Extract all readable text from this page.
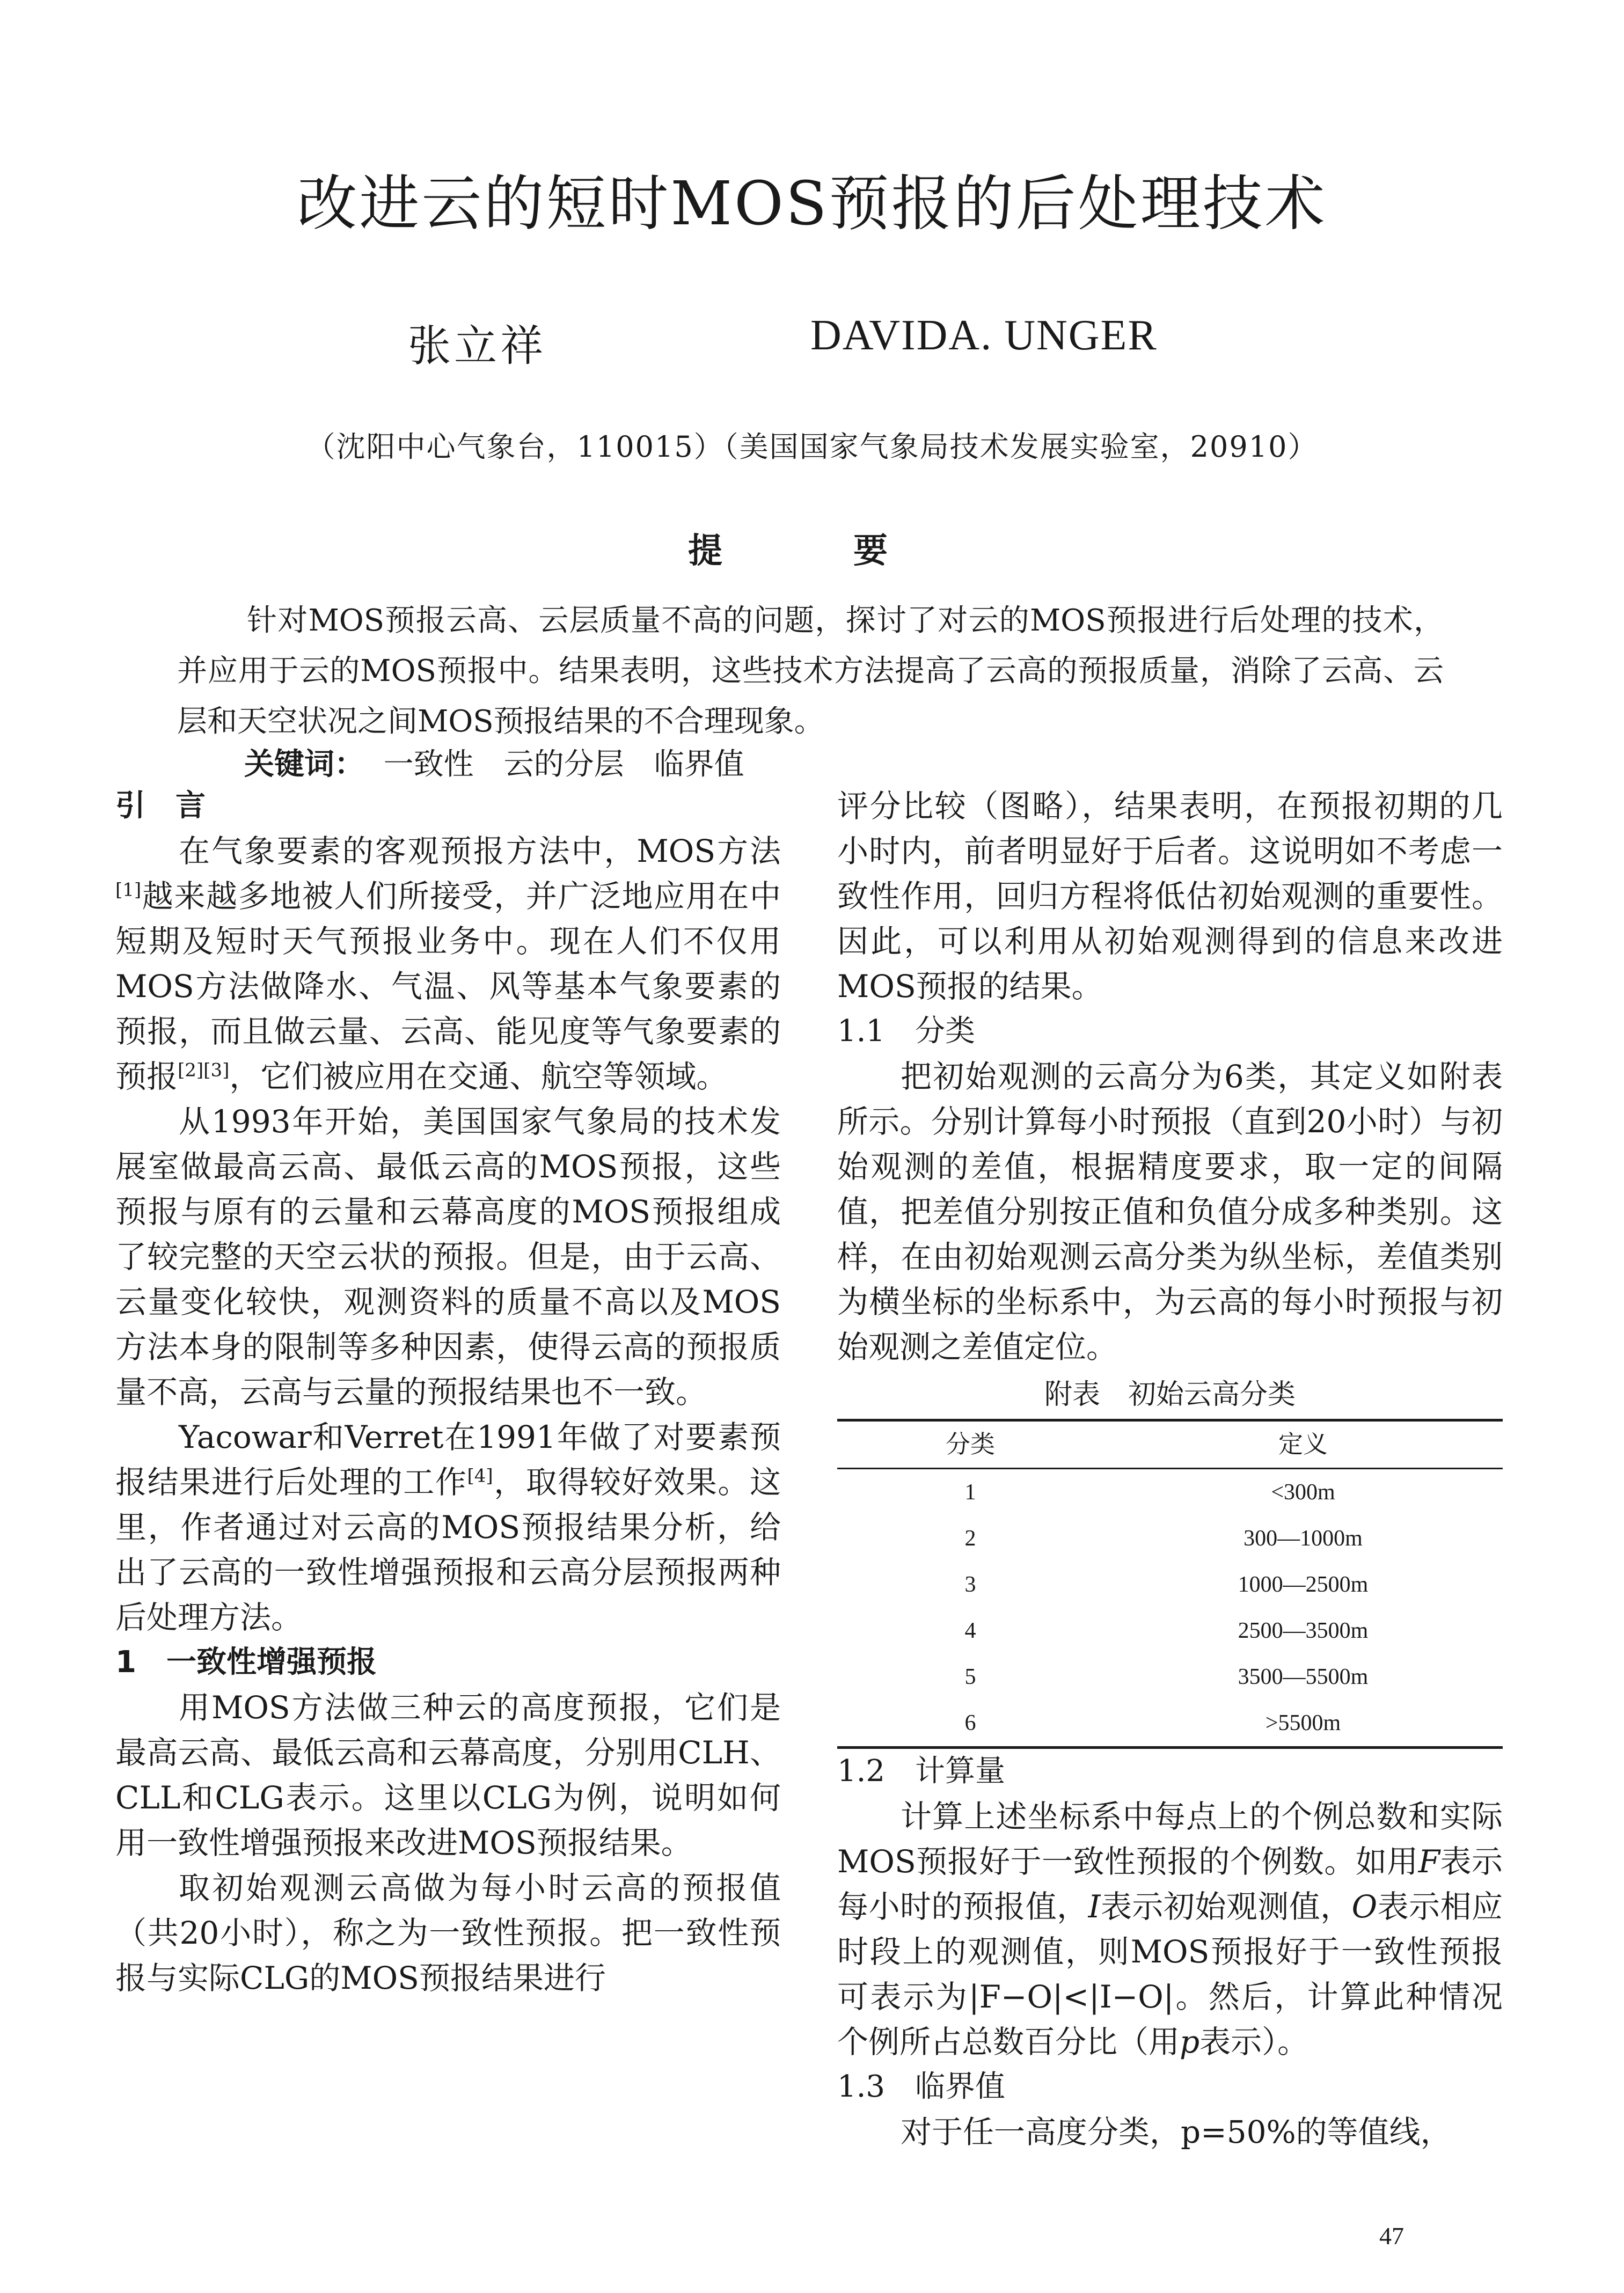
改进云的短时MOS预报的后处理技术
张立祥	DAVIDA. UNGER
（沈阳中心气象台，110015）（美国国家气象局技术发展实验室，20910）
提　要

针对MOS预报云高、云层质量不高的问题，探讨了对云的MOS预报进行后处理的技术，并应用于云的MOS预报中。结果表明，这些技术方法提高了云高的预报质量，消除了云高、云层和天空状况之间MOS预报结果的不合理现象。

关键词： 一致性　云的分层　临界值

引　言

在气象要素的客观预报方法中，MOS方法[1]越来越多地被人们所接受，并广泛地应用在中短期及短时天气预报业务中。现在人们不仅用MOS方法做降水、气温、风等基本气象要素的预报，而且做云量、云高、能见度等气象要素的预报[2][3]，它们被应用在交通、航空等领域。

从1993年开始，美国国家气象局的技术发展室做最高云高、最低云高的MOS预报，这些预报与原有的云量和云幕高度的MOS预报组成了较完整的天空云状的预报。但是，由于云高、云量变化较快，观测资料的质量不高以及MOS方法本身的限制等多种因素，使得云高的预报质量不高，云高与云量的预报结果也不一致。

Yacowar和Verret在1991年做了对要素预报结果进行后处理的工作[4]，取得较好效果。这里，作者通过对云高的MOS预报结果分析，给出了云高的一致性增强预报和云高分层预报两种后处理方法。

1　一致性增强预报

用MOS方法做三种云的高度预报，它们是最高云高、最低云高和云幕高度，分别用CLH、CLL和CLG表示。这里以CLG为例，说明如何用一致性增强预报来改进MOS预报结果。

取初始观测云高做为每小时云高的预报值（共20小时），称之为一致性预报。把一致性预报与实际CLG的MOS预报结果进行

评分比较（图略），结果表明，在预报初期的几小时内，前者明显好于后者。这说明如不考虑一致性作用，回归方程将低估初始观测的重要性。因此，可以利用从初始观测得到的信息来改进MOS预报的结果。

1.1　分类

把初始观测的云高分为6类，其定义如附表所示。分别计算每小时预报（直到20小时）与初始观测的差值，根据精度要求，取一定的间隔值，把差值分别按正值和负值分成多种类别。这样，在由初始观测云高分类为纵坐标，差值类别为横坐标的坐标系中，为云高的每小时预报与初始观测之差值定位。

附表　初始云高分类
分类	定义
1	<300m
2	300—1000m
3	1000—2500m
4	2500—3500m
5	3500—5500m
6	>5500m

1.2　计算量

计算上述坐标系中每点上的个例总数和实际MOS预报好于一致性预报的个例数。如用F表示每小时的预报值，I表示初始观测值，O表示相应时段上的观测值，则MOS预报好于一致性预报可表示为|F−O|<|I−O|。然后，计算此种情况个例所占总数百分比（用p表示）。

1.3　临界值

对于任一高度分类，p=50%的等值线，

47
